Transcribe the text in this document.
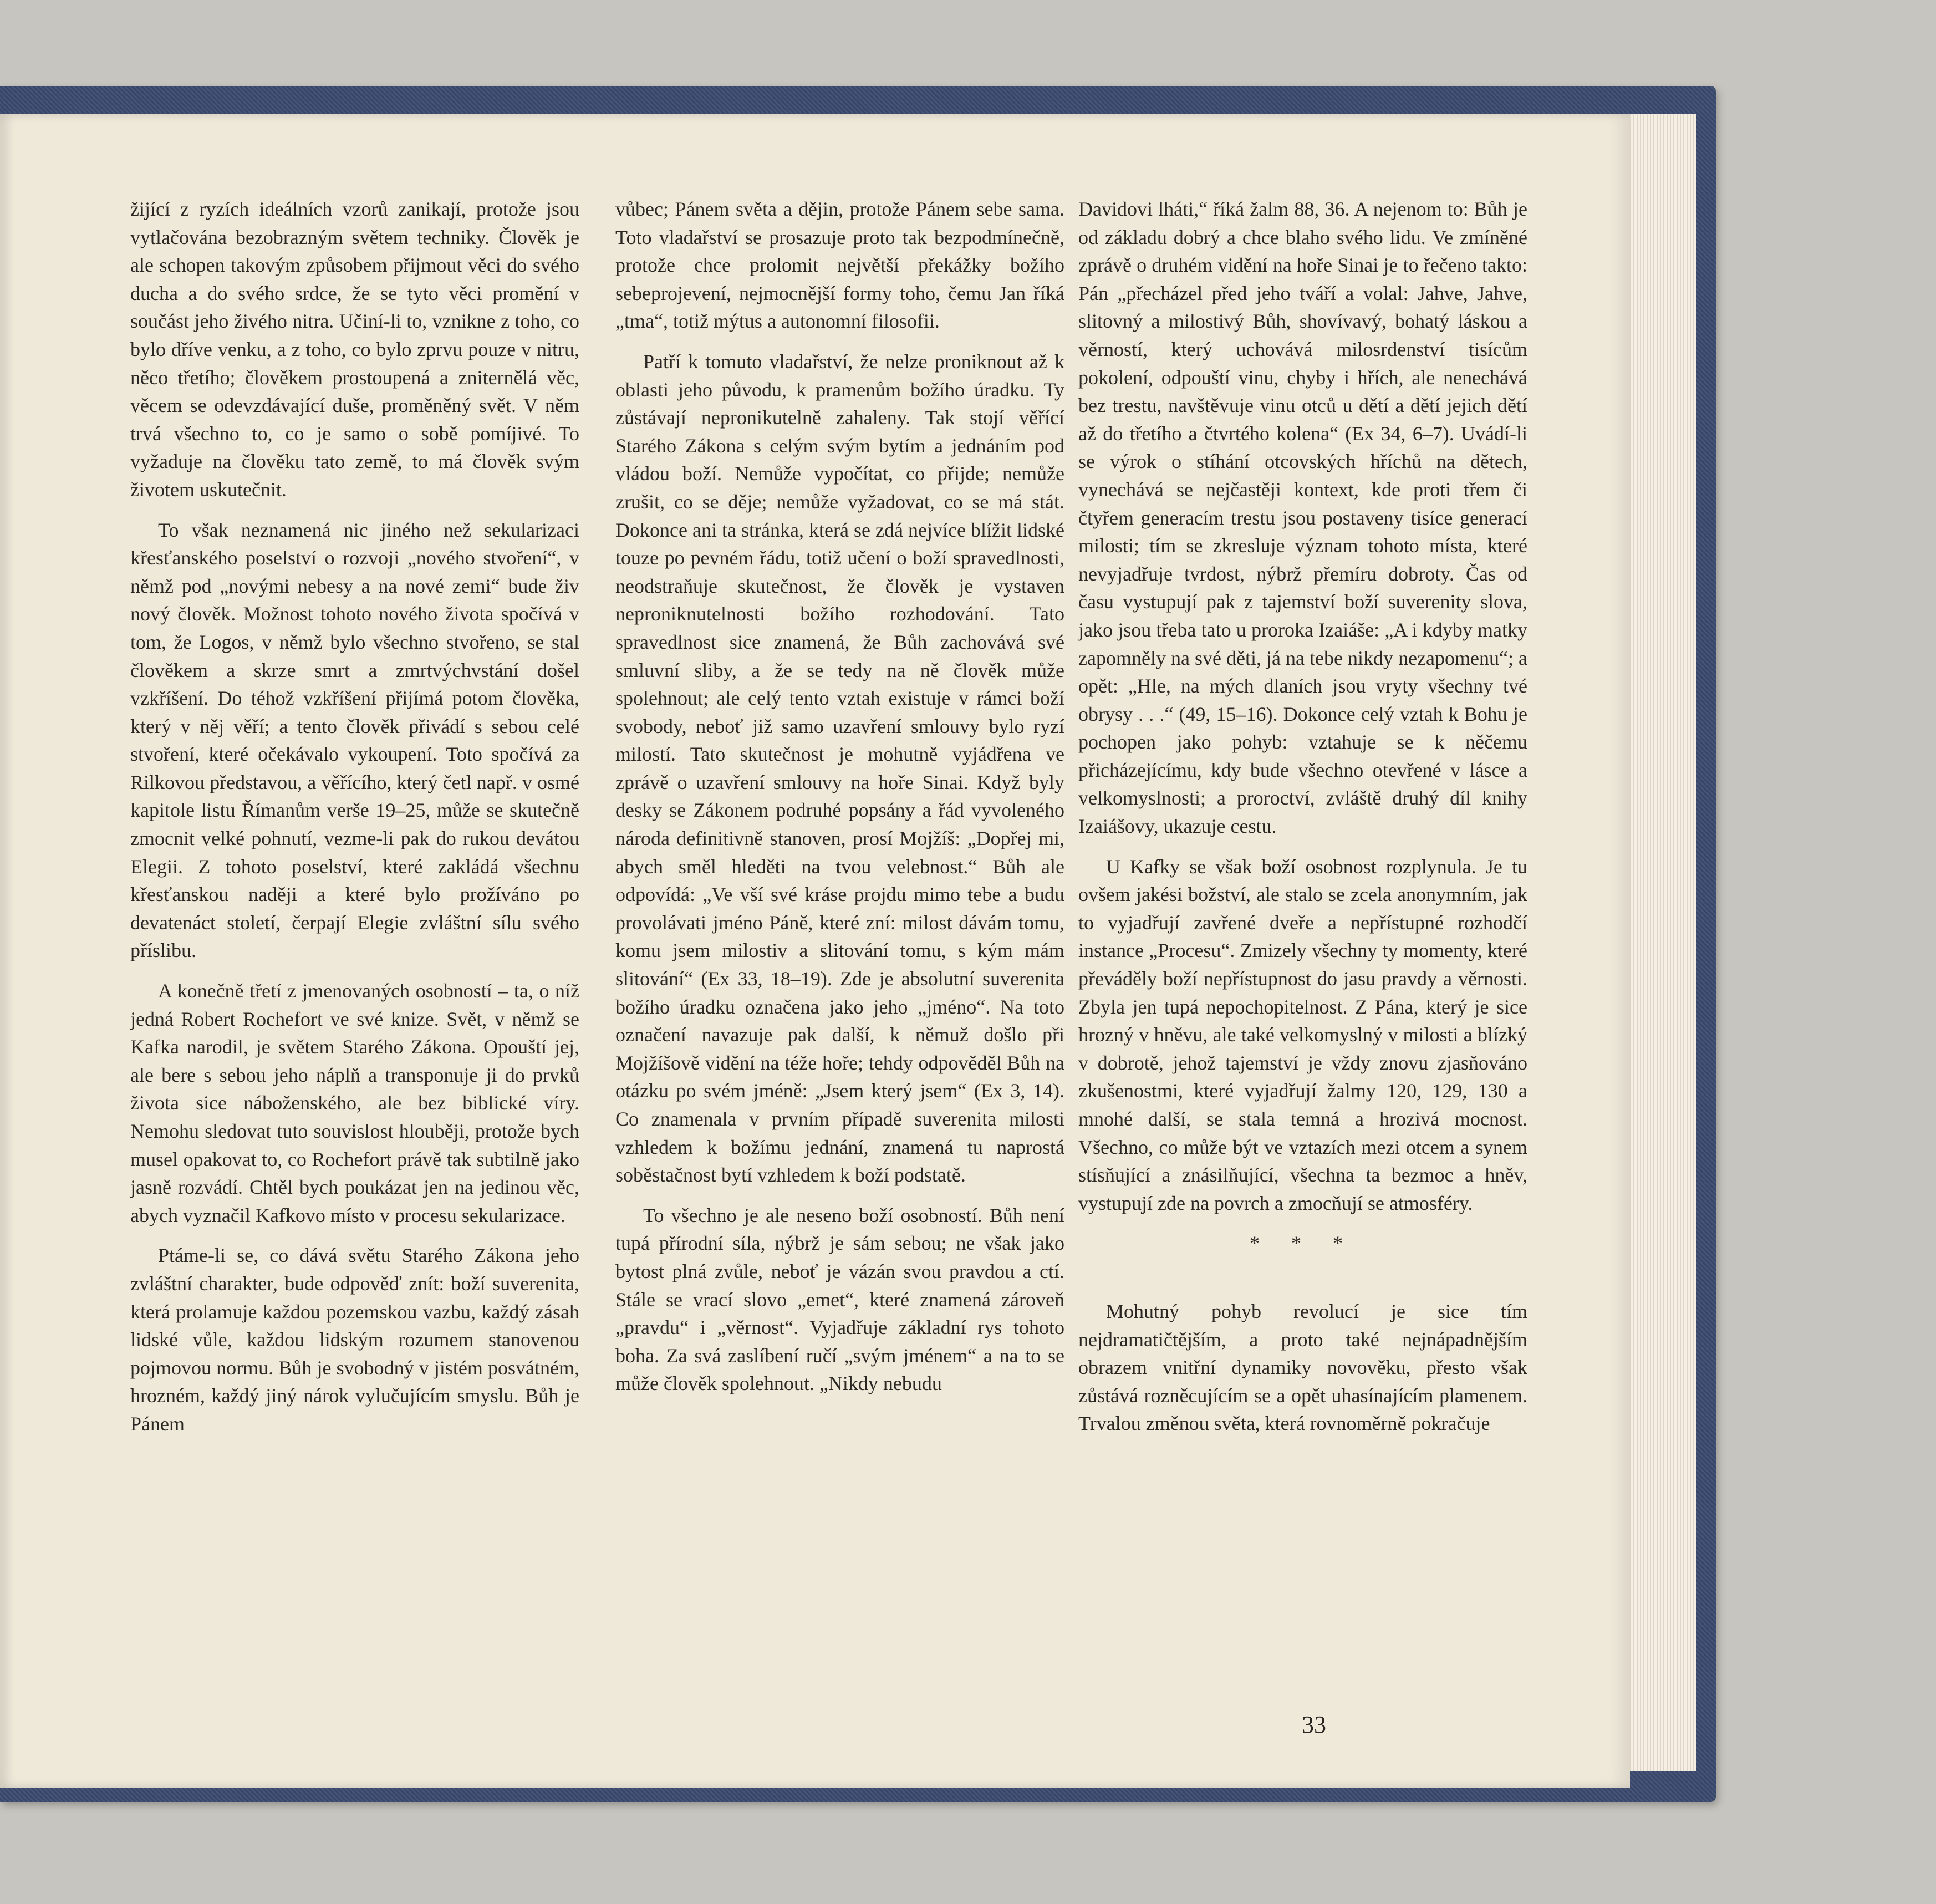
žijící z ryzích ideálních vzorů zanikají, protože jsou vytlačována bezobrazným světem techniky. Člověk je ale schopen takovým způsobem přijmout věci do svého ducha a do svého srdce, že se tyto věci promění v součást jeho živého nitra. Učiní-li to, vznikne z toho, co bylo dříve venku, a z toho, co bylo zprvu pouze v nitru, něco třetího; člověkem prostoupená a zniternělá věc, věcem se odevzdávající duše, proměněný svět. V něm trvá všechno to, co je samo o sobě pomíjivé. To vyžaduje na člověku tato země, to má člověk svým životem uskutečnit.

To však neznamená nic jiného než sekularizaci křesťanského poselství o rozvoji „nového stvoření“, v němž pod „novými nebesy a na nové zemi“ bude živ nový člověk. Možnost tohoto nového života spočívá v tom, že Logos, v němž bylo všechno stvořeno, se stal člověkem a skrze smrt a zmrtvýchvstání došel vzkříšení. Do téhož vzkříšení přijímá potom člověka, který v něj věří; a tento člověk přivádí s sebou celé stvoření, které očekávalo vykoupení. Toto spočívá za Rilkovou představou, a věřícího, který četl např. v osmé kapitole listu Římanům verše 19–25, může se skutečně zmocnit velké pohnutí, vezme-li pak do rukou devátou Elegii. Z tohoto poselství, které zakládá všechnu křesťanskou naději a které bylo prožíváno po devatenáct století, čerpají Elegie zvláštní sílu svého příslibu.

A konečně třetí z jmenovaných osobností – ta, o níž jedná Robert Rochefort ve své knize. Svět, v němž se Kafka narodil, je světem Starého Zákona. Opouští jej, ale bere s sebou jeho náplň a transponuje ji do prvků života sice náboženského, ale bez biblické víry. Nemohu sledovat tuto souvislost hlouběji, protože bych musel opakovat to, co Rochefort právě tak subtilně jako jasně rozvádí. Chtěl bych poukázat jen na jedinou věc, abych vyznačil Kafkovo místo v procesu sekularizace.

Ptáme-li se, co dává světu Starého Zákona jeho zvláštní charakter, bude odpověď znít: boží suverenita, která prolamuje každou pozemskou vazbu, každý zásah lidské vůle, každou lidským rozumem stanovenou pojmovou normu. Bůh je svobodný v jistém posvátném, hrozném, každý jiný nárok vylučujícím smyslu. Bůh je Pánem

vůbec; Pánem světa a dějin, protože Pánem sebe sama. Toto vladařství se prosazuje proto tak bezpodmínečně, protože chce prolomit největší překážky božího sebeprojevení, nejmocnější formy toho, čemu Jan říká „tma“, totiž mýtus a autonomní filosofii.

Patří k tomuto vladařství, že nelze proniknout až k oblasti jeho původu, k pramenům božího úradku. Ty zůstávají nepronikutelně zahaleny. Tak stojí věřící Starého Zákona s celým svým bytím a jednáním pod vládou boží. Nemůže vypočítat, co přijde; nemůže zrušit, co se děje; nemůže vyžadovat, co se má stát. Dokonce ani ta stránka, která se zdá nejvíce blížit lidské touze po pevném řádu, totiž učení o boží spravedlnosti, neodstraňuje skutečnost, že člověk je vystaven neproniknutelnosti božího rozhodování. Tato spravedlnost sice znamená, že Bůh zachovává své smluvní sliby, a že se tedy na ně člověk může spolehnout; ale celý tento vztah existuje v rámci boží svobody, neboť již samo uzavření smlouvy bylo ryzí milostí. Tato skutečnost je mohutně vyjádřena ve zprávě o uzavření smlouvy na hoře Sinai. Když byly desky se Zákonem podruhé popsány a řád vyvoleného národa definitivně stanoven, prosí Mojžíš: „Dopřej mi, abych směl hleděti na tvou velebnost.“ Bůh ale odpovídá: „Ve vší své kráse projdu mimo tebe a budu provolávati jméno Páně, které zní: milost dávám tomu, komu jsem milostiv a slitování tomu, s kým mám slitování“ (Ex 33, 18–19). Zde je absolutní suverenita božího úradku označena jako jeho „jméno“. Na toto označení navazuje pak další, k němuž došlo při Mojžíšově vidění na téže hoře; tehdy odpověděl Bůh na otázku po svém jméně: „Jsem který jsem“ (Ex 3, 14). Co znamenala v prvním případě suverenita milosti vzhledem k božímu jednání, znamená tu naprostá soběstačnost bytí vzhledem k boží podstatě.

To všechno je ale neseno boží osobností. Bůh není tupá přírodní síla, nýbrž je sám sebou; ne však jako bytost plná zvůle, neboť je vázán svou pravdou a ctí. Stále se vrací slovo „emet“, které znamená zároveň „pravdu“ i „věrnost“. Vyjadřuje základní rys tohoto boha. Za svá zaslíbení ručí „svým jménem“ a na to se může člověk spolehnout. „Nikdy nebudu

Davidovi lháti,“ říká žalm 88, 36. A nejenom to: Bůh je od základu dobrý a chce blaho svého lidu. Ve zmíněné zprávě o druhém vidění na hoře Sinai je to řečeno takto: Pán „přecházel před jeho tváří a volal: Jahve, Jahve, slitovný a milostivý Bůh, shovívavý, bohatý láskou a věrností, který uchovává milosrdenství tisícům pokolení, odpouští vinu, chyby i hřích, ale nenechává bez trestu, navštěvuje vinu otců u dětí a dětí jejich dětí až do třetího a čtvrtého kolena“ (Ex 34, 6–7). Uvádí-li se výrok o stíhání otcovských hříchů na dětech, vynechává se nejčastěji kontext, kde proti třem či čtyřem generacím trestu jsou postaveny tisíce generací milosti; tím se zkresluje význam tohoto místa, které nevyjadřuje tvrdost, nýbrž přemíru dobroty. Čas od času vystupují pak z tajemství boží suverenity slova, jako jsou třeba tato u proroka Izaiáše: „A i kdyby matky zapomněly na své děti, já na tebe nikdy nezapomenu“; a opět: „Hle, na mých dlaních jsou vryty všechny tvé obrysy . . .“ (49, 15–16). Dokonce celý vztah k Bohu je pochopen jako pohyb: vztahuje se k něčemu přicházejícímu, kdy bude všechno otevřené v lásce a velkomyslnosti; a proroctví, zvláště druhý díl knihy Izaiášovy, ukazuje cestu.

U Kafky se však boží osobnost rozplynula. Je tu ovšem jakési božství, ale stalo se zcela anonymním, jak to vyjadřují zavřené dveře a nepřístupné rozhodčí instance „Procesu“. Zmizely všechny ty momenty, které převáděly boží nepřístupnost do jasu pravdy a věrnosti. Zbyla jen tupá nepochopitelnost. Z Pána, který je sice hrozný v hněvu, ale také velkomyslný v milosti a blízký v dobrotě, jehož tajemství je vždy znovu zjasňováno zkušenostmi, které vyjadřují žalmy 120, 129, 130 a mnohé další, se stala temná a hrozivá mocnost. Všechno, co může být ve vztazích mezi otcem a synem stísňující a znásilňující, všechna ta bezmoc a hněv, vystupují zde na povrch a zmocňují se atmosféry.

* * *

Mohutný pohyb revolucí je sice tím nejdramatičtějším, a proto také nejnápadnějším obrazem vnitřní dynamiky novověku, přesto však zůstává rozněcujícím se a opět uhasínajícím plamenem. Trvalou změnou světa, která rovnoměrně pokračuje

33
